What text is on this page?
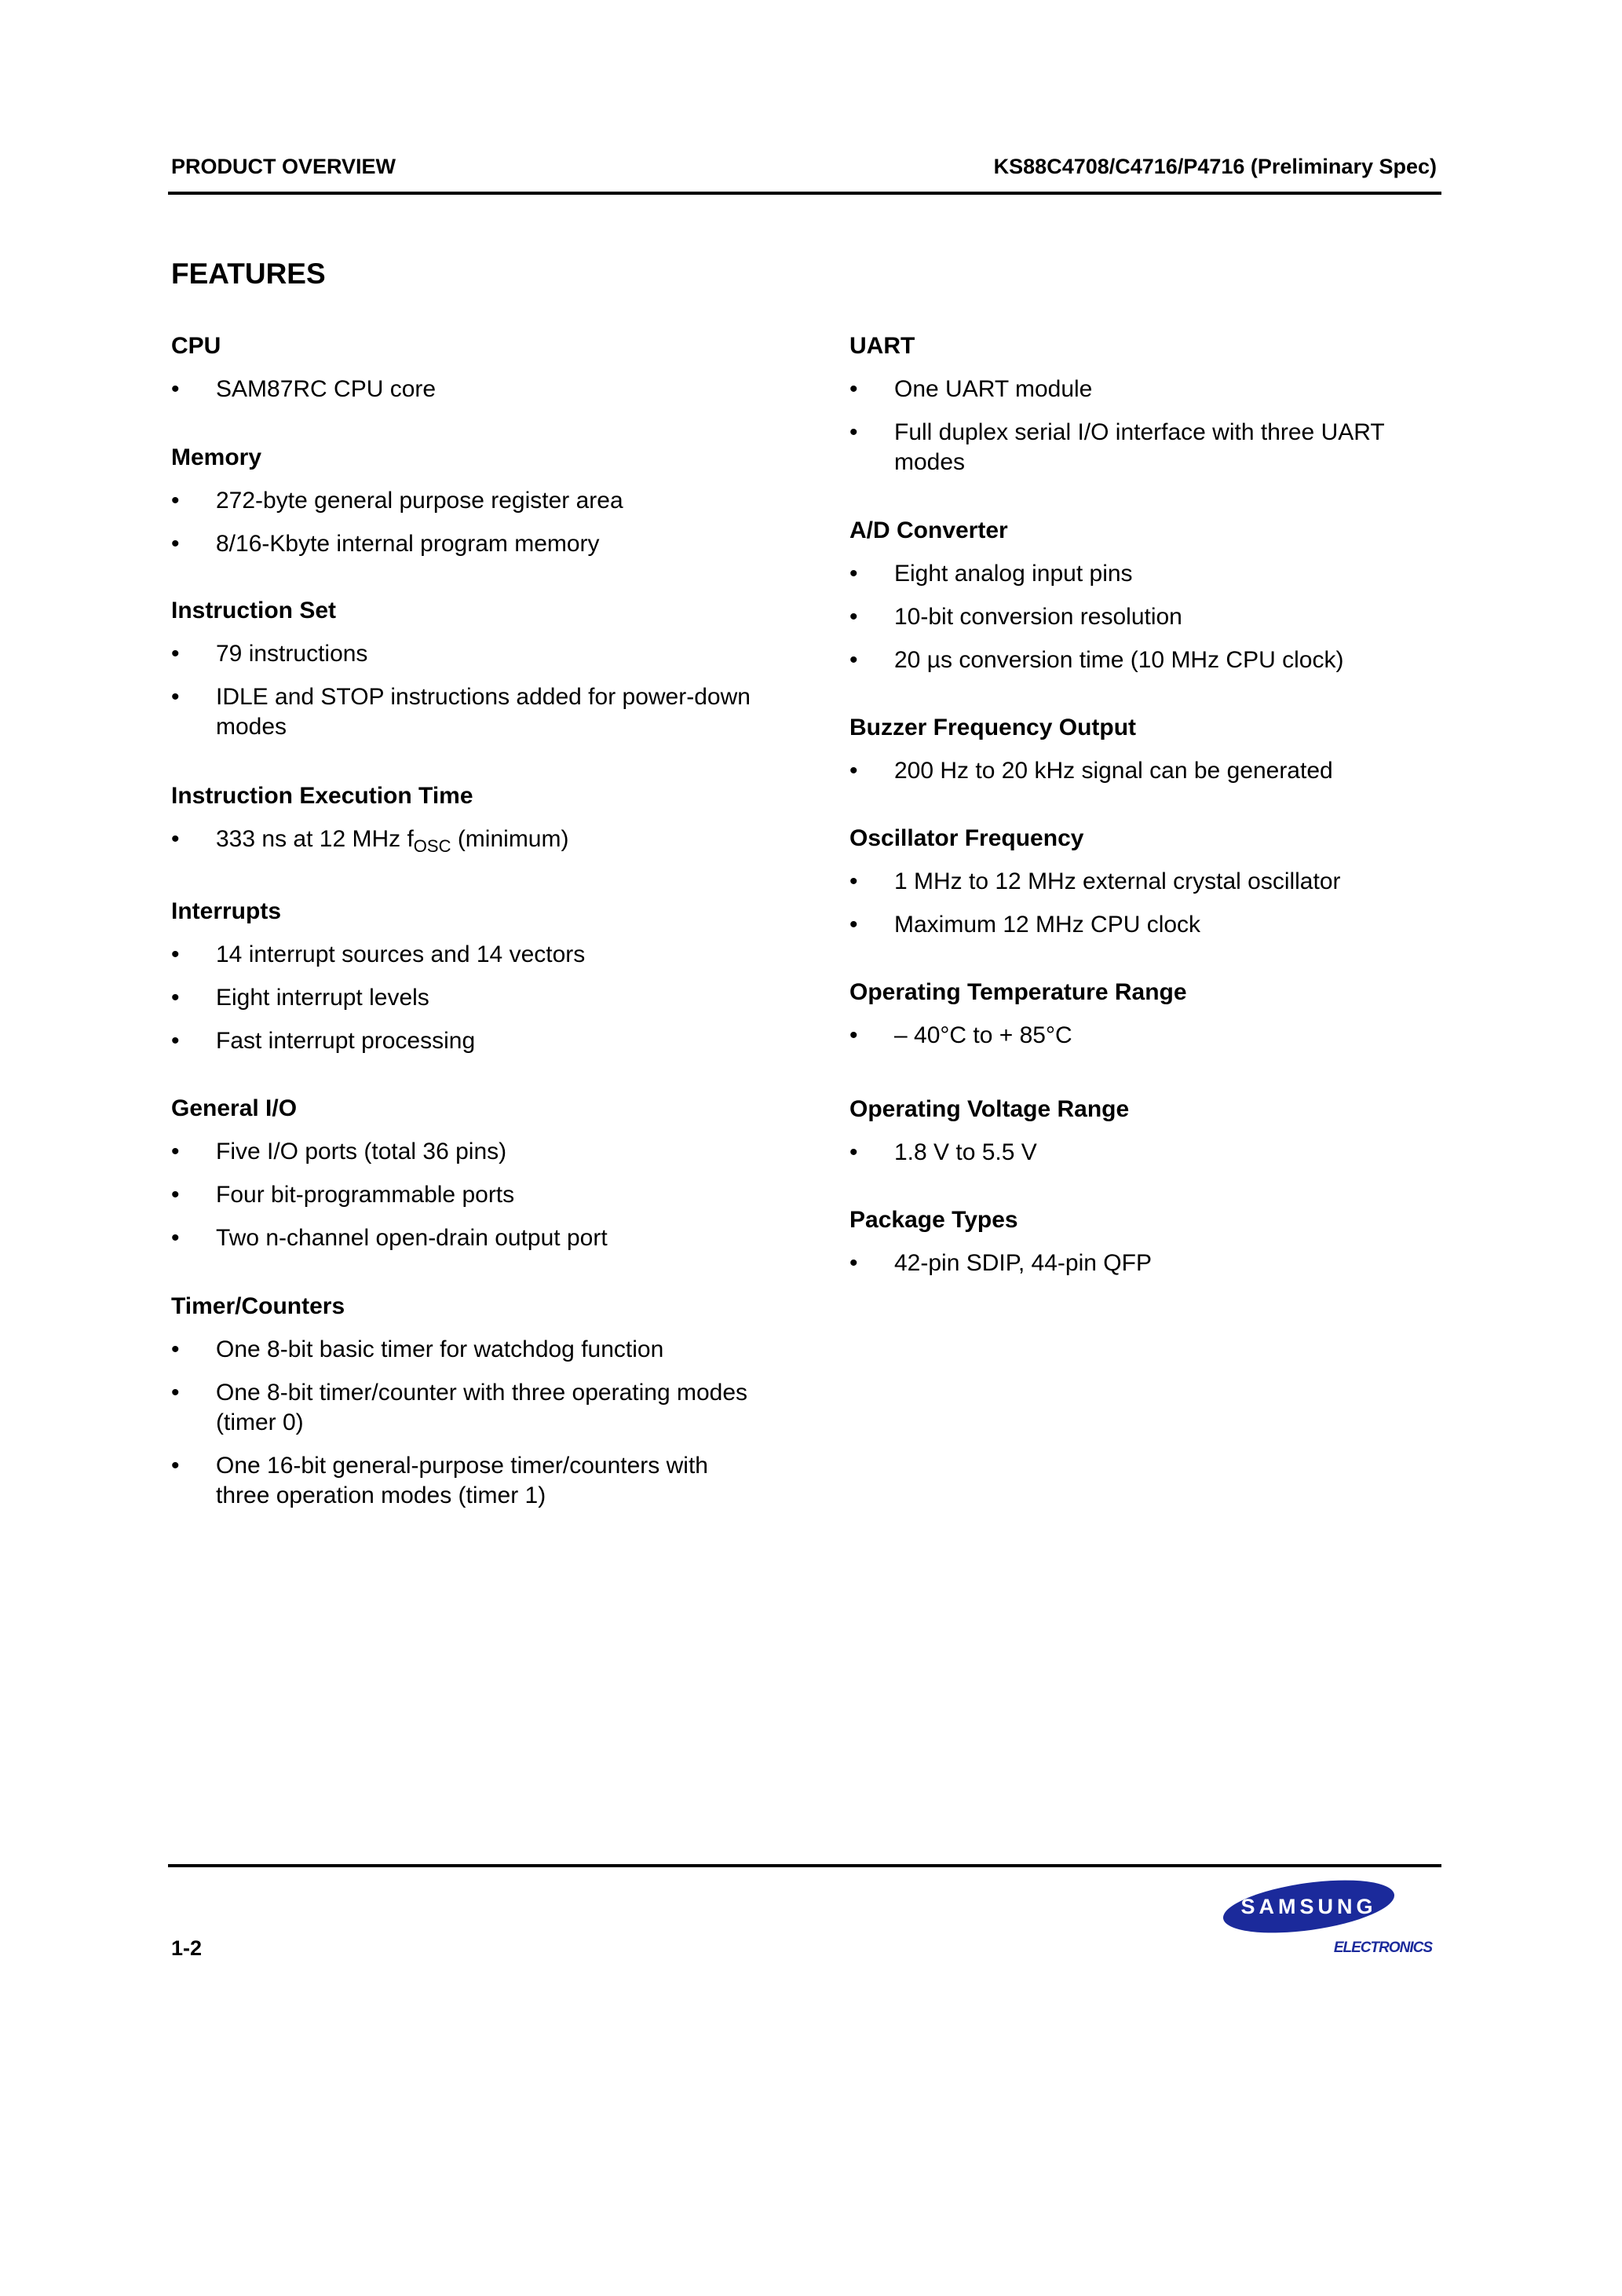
PRODUCT OVERVIEW	KS88C4708/C4716/P4716 (Preliminary Spec)
FEATURES
CPU
•	SAM87RC CPU core
Memory
•	272-byte general purpose register area
•	8/16-Kbyte internal program memory
Instruction Set
•	79 instructions
•	IDLE and STOP instructions added for power-down modes
Instruction Execution Time
•	333 ns at 12 MHz $f_{OSC}$ (minimum)
Interrupts
•	14 interrupt sources and 14 vectors
•	Eight interrupt levels
•	Fast interrupt processing
General I/O
•	Five I/O ports (total 36 pins)
•	Four bit-programmable ports
•	Two n-channel open-drain output port
Timer/Counters
•	One 8-bit basic timer for watchdog function
•	One 8-bit timer/counter with three operating modes (timer 0)
•	One 16-bit general-purpose timer/counters with three operation modes (timer 1)
UART
•	One UART module
•	Full duplex serial I/O interface with three UART modes
A/D Converter
•	Eight analog input pins
•	10-bit conversion resolution
•	20 µs conversion time (10 MHz CPU clock)
Buzzer Frequency Output
•	200 Hz to 20 kHz signal can be generated
Oscillator Frequency
•	1 MHz to 12 MHz external crystal oscillator
•	Maximum 12 MHz CPU clock
Operating Temperature Range
•	– 40°C to + 85°C
Operating Voltage Range
•	1.8 V to 5.5 V
Package Types
•	42-pin SDIP, 44-pin QFP
1-2
SAMSUNG
ELECTRONICS
